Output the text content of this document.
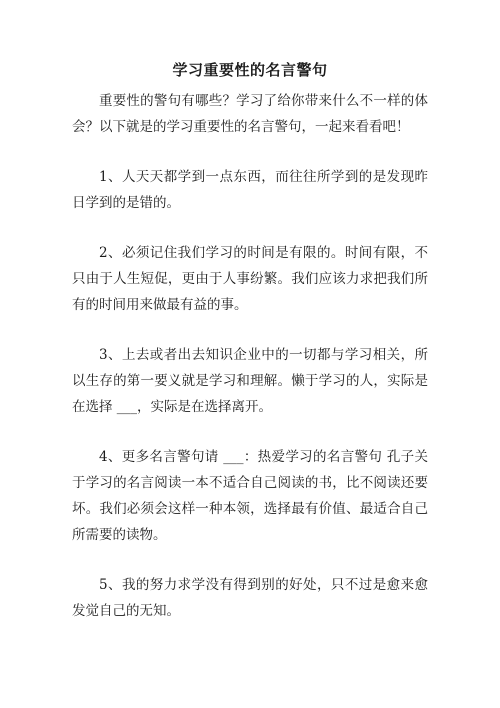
学习重要性的名言警句

重要性的警句有哪些？学习了给你带来什么不一样的体会？以下就是的学习重要性的名言警句，一起来看看吧！

1、人天天都学到一点东西，而往往所学到的是发现昨日学到的是错的。

2、必须记住我们学习的时间是有限的。时间有限，不只由于人生短促，更由于人事纷繁。我们应该力求把我们所有的时间用来做最有益的事。

3、上去或者出去知识企业中的一切都与学习相关，所以生存的第一要义就是学习和理解。懒于学习的人，实际是在选择 ___，实际是在选择离开。

4、更多名言警句请 ___：热爱学习的名言警句 孔子关于学习的名言阅读一本不适合自己阅读的书，比不阅读还要坏。我们必须会这样一种本领，选择最有价值、最适合自己所需要的读物。

5、我的努力求学没有得到别的好处，只不过是愈来愈发觉自己的无知。
